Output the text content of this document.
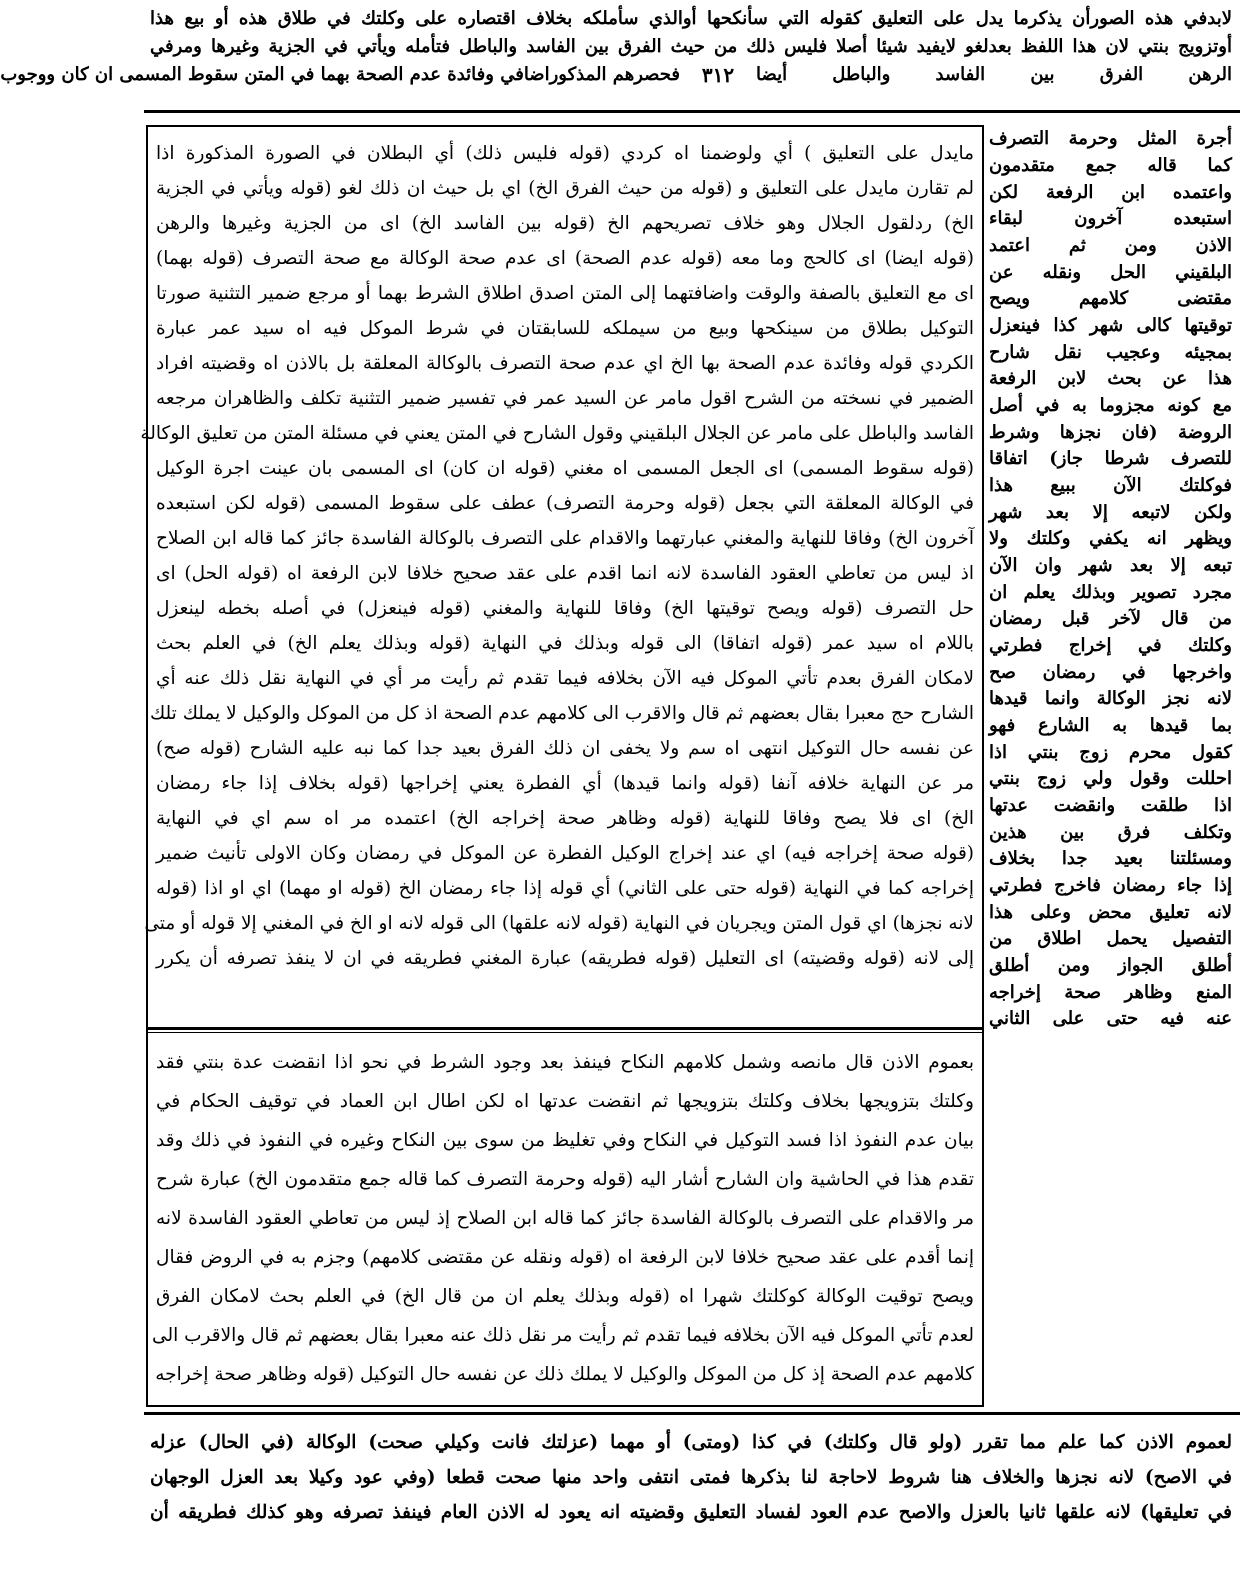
لابدفي هذه الصورأن يذكرما يدل على التعليق كقوله التي سأنكحها أوالذي سأملكه بخلاف اقتصاره على وكلتك في طلاق هذه أو بيع هذا
أوتزويج بنتي لان هذا اللفظ بعدلغو لايفيد شيئا أصلا فليس ذلك من حيث الفرق بين الفاسد والباطل فتأمله ويأتي في الجزية وغيرها ومرفي
الرهن الفرق بين الفاسد والباطل أيضا
٣١٢
فحصرهم المذكوراضافي وفائدة عدم الصحة بهما في المتن سقوط المسمى ان كان ووجوب
مايدل على التعليق ) أي ولوضمنا اه كردي (قوله فليس ذلك) أي البطلان في الصورة المذكورة اذا
لم تقارن مايدل على التعليق و (قوله من حيث الفرق الخ) اي بل حيث ان ذلك لغو (قوله ويأتي في الجزية
الخ) ردلقول الجلال وهو خلاف تصريحهم الخ (قوله بين الفاسد الخ) اى من الجزية وغيرها والرهن
(قوله ايضا) اى كالحج وما معه (قوله عدم الصحة) اى عدم صحة الوكالة مع صحة التصرف (قوله بهما)
اى مع التعليق بالصفة والوقت واضافتهما إلى المتن اصدق اطلاق الشرط بهما أو مرجع ضمير التثنية صورتا
التوكيل بطلاق من سينكحها وبيع من سيملكه للسابقتان في شرط الموكل فيه اه سيد عمر عبارة
الكردي قوله وفائدة عدم الصحة بها الخ اي عدم صحة التصرف بالوكالة المعلقة بل بالاذن اه وقضيته افراد
الضمير في نسخته من الشرح اقول مامر عن السيد عمر في تفسير ضمير التثنية تكلف والظاهران مرجعه
الفاسد والباطل على مامر عن الجلال البلقيني وقول الشارح في المتن يعني في مسئلة المتن من تعليق الوكالة
(قوله سقوط المسمى) اى الجعل المسمى اه مغني (قوله ان كان) اى المسمى بان عينت اجرة الوكيل
في الوكالة المعلقة التي بجعل (قوله وحرمة التصرف) عطف على سقوط المسمى (قوله لكن استبعده
آخرون الخ) وفاقا للنهاية والمغني عبارتهما والاقدام على التصرف بالوكالة الفاسدة جائز كما قاله ابن الصلاح
اذ ليس من تعاطي العقود الفاسدة لانه انما اقدم على عقد صحيح خلافا لابن الرفعة اه (قوله الحل) اى
حل التصرف (قوله ويصح توقيتها الخ) وفاقا للنهاية والمغني (قوله فينعزل) في أصله بخطه لينعزل
باللام اه سيد عمر (قوله اتفاقا) الى قوله وبذلك في النهاية (قوله وبذلك يعلم الخ) في العلم بحث
لامكان الفرق بعدم تأتي الموكل فيه الآن بخلافه فيما تقدم ثم رأيت مر أي في النهاية نقل ذلك عنه أي
الشارح حج معبرا بقال بعضهم ثم قال والاقرب الى كلامهم عدم الصحة اذ كل من الموكل والوكيل لا يملك تلك
عن نفسه حال التوكيل انتهى اه سم ولا يخفى ان ذلك الفرق بعيد جدا كما نبه عليه الشارح (قوله صح)
مر عن النهاية خلافه آنفا (قوله وانما قيدها) أي الفطرة يعني إخراجها (قوله بخلاف إذا جاء رمضان
الخ) اى فلا يصح وفاقا للنهاية (قوله وظاهر صحة إخراجه الخ) اعتمده مر اه سم اي في النهاية
(قوله صحة إخراجه فيه) اي عند إخراج الوكيل الفطرة عن الموكل في رمضان وكان الاولى تأنيث ضمير
إخراجه كما في النهاية (قوله حتى على الثاني) أي قوله إذا جاء رمضان الخ (قوله او مهما) اي او اذا (قوله
لانه نجزها) اي قول المتن ويجريان في النهاية (قوله لانه علقها) الى قوله لانه او الخ في المغني إلا قوله أو متى
إلى لانه (قوله وقضيته) اى التعليل (قوله فطريقه) عبارة المغني فطريقه في ان لا ينفذ تصرفه أن يكرر
بعموم الاذن قال مانصه وشمل كلامهم النكاح فينفذ بعد وجود الشرط في نحو اذا انقضت عدة بنتي فقد
وكلتك بتزويجها بخلاف وكلتك بتزويجها ثم انقضت عدتها اه لكن اطال ابن العماد في توقيف الحكام في
بيان عدم النفوذ اذا فسد التوكيل في النكاح وفي تغليظ من سوى بين النكاح وغيره في النفوذ في ذلك وقد
تقدم هذا في الحاشية وان الشارح أشار اليه (قوله وحرمة التصرف كما قاله جمع متقدمون الخ) عبارة شرح
مر والاقدام على التصرف بالوكالة الفاسدة جائز كما قاله ابن الصلاح إذ ليس من تعاطي العقود الفاسدة لانه
إنما أقدم على عقد صحيح خلافا لابن الرفعة اه (قوله ونقله عن مقتضى كلامهم) وجزم به في الروض فقال
ويصح توقيت الوكالة كوكلتك شهرا اه (قوله وبذلك يعلم ان من قال الخ) في العلم بحث لامكان الفرق
لعدم تأتي الموكل فيه الآن بخلافه فيما تقدم ثم رأيت مر نقل ذلك عنه معبرا بقال بعضهم ثم قال والاقرب الى
كلامهم عدم الصحة إذ كل من الموكل والوكيل لا يملك ذلك عن نفسه حال التوكيل (قوله وظاهر صحة إخراجه
أجرة المثل وحرمة التصرف
كما قاله جمع متقدمون
واعتمده ابن الرفعة لكن
استبعده آخرون لبقاء
الاذن ومن ثم اعتمد
البلقيني الحل ونقله عن
مقتضى كلامهم ويصح
توقيتها كالى شهر كذا فينعزل
بمجيئه وعجيب نقل شارح
هذا عن بحث لابن الرفعة
مع كونه مجزوما به في أصل
الروضة (فان نجزها وشرط
للتصرف شرطا جاز) اتفاقا
فوكلتك الآن ببيع هذا
ولكن لاتبعه إلا بعد شهر
ويظهر انه يكفي وكلتك ولا
تبعه إلا بعد شهر وان الآن
مجرد تصوير وبذلك يعلم ان
من قال لآخر قبل رمضان
وكلتك في إخراج فطرتي
واخرجها في رمضان صح
لانه نجز الوكالة وانما قيدها
بما قيدها به الشارع فهو
كقول محرم زوج بنتي اذا
احللت وقول ولي زوج بنتي
اذا طلقت وانقضت عدتها
وتكلف فرق بين هذين
ومسئلتنا بعيد جدا بخلاف
إذا جاء رمضان فاخرج فطرتي
لانه تعليق محض وعلى هذا
التفصيل يحمل اطلاق من
أطلق الجواز ومن أطلق
المنع وظاهر صحة إخراجه
عنه فيه حتى على الثاني
لعموم الاذن كما علم مما تقرر (ولو قال وكلتك) في كذا (ومتى) أو مهما (عزلتك فانت وكيلي صحت) الوكالة (في الحال) عزله
في الاصح) لانه نجزها والخلاف هنا شروط لاحاجة لنا بذكرها فمتى انتفى واحد منها صحت قطعا (وفي عود وكيلا بعد العزل الوجهان
في تعليقها) لانه علقها ثانيا بالعزل والاصح عدم العود لفساد التعليق وقضيته انه يعود له الاذن العام فينفذ تصرفه وهو كذلك فطريقه أن
